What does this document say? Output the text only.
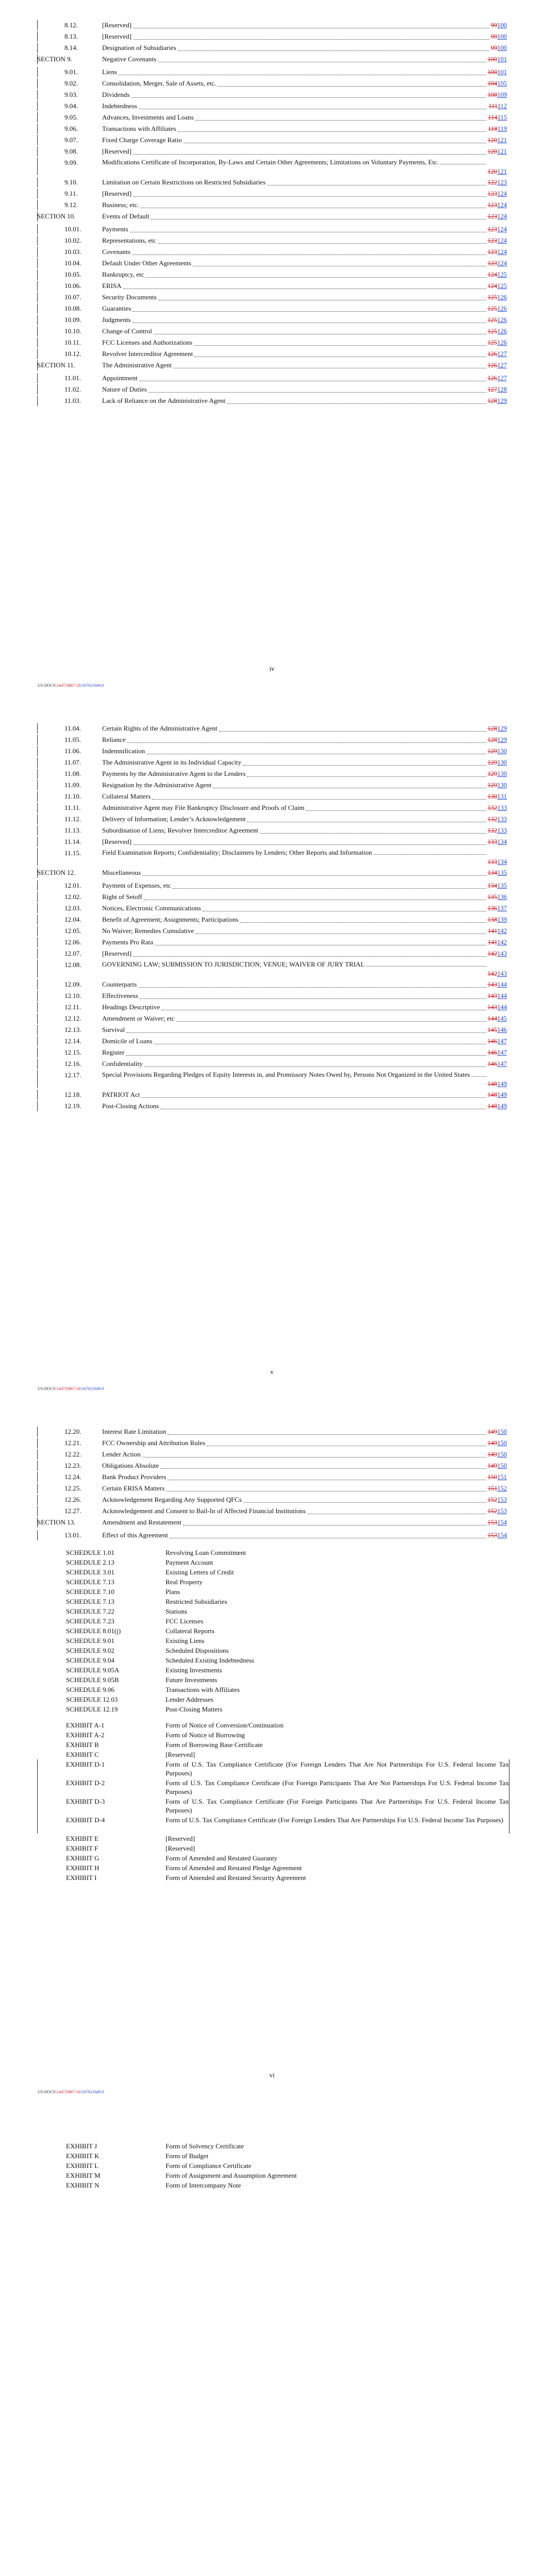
8.12.	[Reserved]	99100
8.13.	[Reserved]	99100
8.14.	Designation of Subsidiaries	99100
SECTION 9.	Negative Covenants	100101
9.01.	Liens	100101
9.02.	Consolidation, Merger, Sale of Assets, etc.	104105
9.03.	Dividends	108109
9.04.	Indebtedness	111112
9.05.	Advances, Investments and Loans	114115
9.06.	Transactions with Affiliates	118119
9.07.	Fixed Charge Coverage Ratio	120121
9.08.	[Reserved]	120121
9.09.	Modifications Certificate of Incorporation, By-Laws and Certain Other Agreements; Limitations on Voluntary Payments, Etc.
120121
9.10.	Limitation on Certain Restrictions on Restricted Subsidiaries	122123
9.11.	[Reserved]	123124
9.12.	Business; etc.	123124
SECTION 10.	Events of Default	123124
10.01.	Payments	123124
10.02.	Representations, etc	123124
10.03.	Covenants	123124
10.04.	Default Under Other Agreements	123124
10.05.	Bankruptcy, etc	124125
10.06.	ERISA	124125
10.07.	Security Documents	125126
10.08.	Guaranties	125126
10.09.	Judgments	125126
10.10.	Change of Control	125126
10.11.	FCC Licenses and Authorizations	125126
10.12.	Revolver Intercreditor Agreement	126127
SECTION 11.	The Administrative Agent	126127
11.01.	Appointment	126127
11.02.	Nature of Duties	127128
11.03.	Lack of Reliance on the Administrative Agent	128129
iv
US-DOCS\144733867.101167621649.8
11.04.	Certain Rights of the Administrative Agent	128129
11.05.	Reliance	128129
11.06.	Indemnification	129130
11.07.	The Administrative Agent in its Individual Capacity	129130
11.08.	Payments by the Administrative Agent to the Lenders	129130
11.09.	Resignation by the Administrative Agent	129130
11.10.	Collateral Matters	130131
11.11.	Administrative Agent may File Bankruptcy Disclosure and Proofs of Claim	132133
11.12.	Delivery of Information; Lender’s Acknowledgement	132133
11.13.	Subordination of Liens; Revolver Intercreditor Agreement	132133
11.14.	[Reserved]	133134
11.15.	Field Examination Reports; Confidentiality; Disclaimers by Lenders; Other Reports and Information
133134
SECTION 12.	Miscellaneous	134135
12.01.	Payment of Expenses, etc	134135
12.02.	Right of Setoff	135136
12.03.	Notices, Electronic Communications	136137
12.04.	Benefit of Agreement; Assignments; Participations	138139
12.05.	No Waiver; Remedies Cumulative	141142
12.06.	Payments Pro Rata	141142
12.07.	[Reserved]	142143
12.08.	GOVERNING LAW; SUBMISSION TO JURISDICTION; VENUE; WAIVER OF JURY TRIAL
142143
12.09.	Counterparts	143144
12.10.	Effectiveness	143144
12.11.	Headings Descriptive	143144
12.12.	Amendment or Waiver; etc	144145
12.13.	Survival	145146
12.14.	Domicile of Loans	146147
12.15.	Register	146147
12.16.	Confidentiality	146147
12.17.	Special Provisions Regarding Pledges of Equity Interests in, and Promissory Notes Owed by, Persons Not Organized in the United States
148149
12.18.	PATRIOT Act	148149
12.19.	Post-Closing Actions	148149
v
US-DOCS\144733867.101167621649.8
12.20.	Interest Rate Limitation	149150
12.21.	FCC Ownership and Attribution Rules	149150
12.22.	Lender Action	149150
12.23.	Obligations Absolute	149150
12.24.	Bank Product Providers	150151
12.25.	Certain ERISA Matters	151152
12.26.	Acknowledgement Regarding Any Supported QFCs	152153
12.27.	Acknowledgement and Consent to Bail-In of Affected Financial Institutions	152153
SECTION 13.	Amendment and Restatement	153154
13.01.	Effect of this Agreement	153154
SCHEDULE 1.01	Revolving Loan Commitment
SCHEDULE 2.13	Payment Account
SCHEDULE 3.01	Existing Letters of Credit
SCHEDULE 7.13	Real Property
SCHEDULE 7.10	Plans
SCHEDULE 7.13	Restricted Subsidiaries
SCHEDULE 7.22	Stations
SCHEDULE 7.23	FCC Licenses
SCHEDULE 8.01(j)	Collateral Reports
SCHEDULE 9.01	Existing Liens
SCHEDULE 9.02	Scheduled Dispositions
SCHEDULE 9.04	Scheduled Existing Indebtedness
SCHEDULE 9.05A	Existing Investments
SCHEDULE 9.05B	Future Investments
SCHEDULE 9.06	Transactions with Affiliates
SCHEDULE 12.03	Lender Addresses
SCHEDULE 12.19	Post-Closing Matters
EXHIBIT A-1	Form of Notice of Conversion/Continuation
EXHIBIT A-2	Form of Notice of Borrowing
EXHIBIT B	Form of Borrowing Base Certificate
EXHIBIT C	[Reserved]
EXHIBIT D-1	Form of U.S. Tax Compliance Certificate (For Foreign Lenders That Are Not Partnerships For U.S. Federal Income Tax Purposes)
EXHIBIT D-2	Form of U.S. Tax Compliance Certificate (For Foreign Participants That Are Not Partnerships For U.S. Federal Income Tax Purposes)
EXHIBIT D-3	Form of U.S. Tax Compliance Certificate (For Foreign Participants That Are Partnerships For U.S. Federal Income Tax Purposes)
EXHIBIT D-4	Form of U.S. Tax Compliance Certificate (For Foreign Lenders That Are Partnerships For U.S. Federal Income Tax Purposes)
EXHIBIT E	[Reserved]
EXHIBIT F	[Reserved]
EXHIBIT G	Form of Amended and Restated Guaranty
EXHIBIT H	Form of Amended and Restated Pledge Agreement
EXHIBIT I	Form of Amended and Restated Security Agreement
vi
US-DOCS\144733867.101167621649.8
EXHIBIT J	Form of Solvency Certificate
EXHIBIT K	Form of Budget
EXHIBIT L	Form of Compliance Certificate
EXHIBIT M	Form of Assignment and Assumption Agreement
EXHIBIT N	Form of Intercompany Note
